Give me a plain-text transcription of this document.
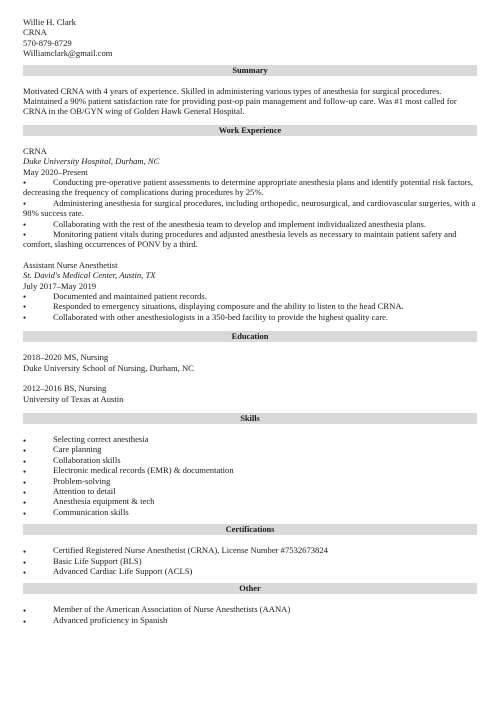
Willie H. Clark
CRNA
570-879-8729
Williamclark@gmail.com
Summary
Motivated CRNA with 4 years of experience. Skilled in administering various types of anesthesia for surgical procedures. Maintained a 90% patient satisfaction rate for providing post-op pain management and follow-up care. Was #1 most called for CRNA in the OB/GYN wing of Golden Hawk General Hospital.
Work Experience
CRNA
Duke University Hospital, Durham, NC
May 2020–Present
● Conducting pre-operative patient assessments to determine appropriate anesthesia plans and identify potential risk factors, decreasing the frequency of complications during procedures by 25%.
● Administering anesthesia for surgical procedures, including orthopedic, neurosurgical, and cardiovascular surgeries, with a 98% success rate.
● Collaborating with the rest of the anesthesia team to develop and implement individualized anesthesia plans.
● Monitoring patient vitals during procedures and adjusted anesthesia levels as necessary to maintain patient safety and comfort, slashing occurrences of PONV by a third.
Assistant Nurse Anesthetist
St. David's Medical Center, Austin, TX
July 2017–May 2019
● Documented and maintained patient records.
● Responded to emergency situations, displaying composure and the ability to listen to the head CRNA.
● Collaborated with other anesthesiologists in a 350-bed facility to provide the highest quality care.
Education
2018–2020 MS, Nursing
Duke University School of Nursing, Durham, NC
2012–2016 BS, Nursing
University of Texas at Austin
Skills
● Selecting correct anesthesia
● Care planning
● Collaboration skills
● Electronic medical records (EMR) & documentation
● Problem-solving
● Attention to detail
● Anesthesia equipment & tech
● Communication skills
Certifications
● Certified Registered Nurse Anesthetist (CRNA), License Number #7532673824
● Basic Life Support (BLS)
● Advanced Cardiac Life Support (ACLS)
Other
● Member of the American Association of Nurse Anesthetists (AANA)
● Advanced proficiency in Spanish
